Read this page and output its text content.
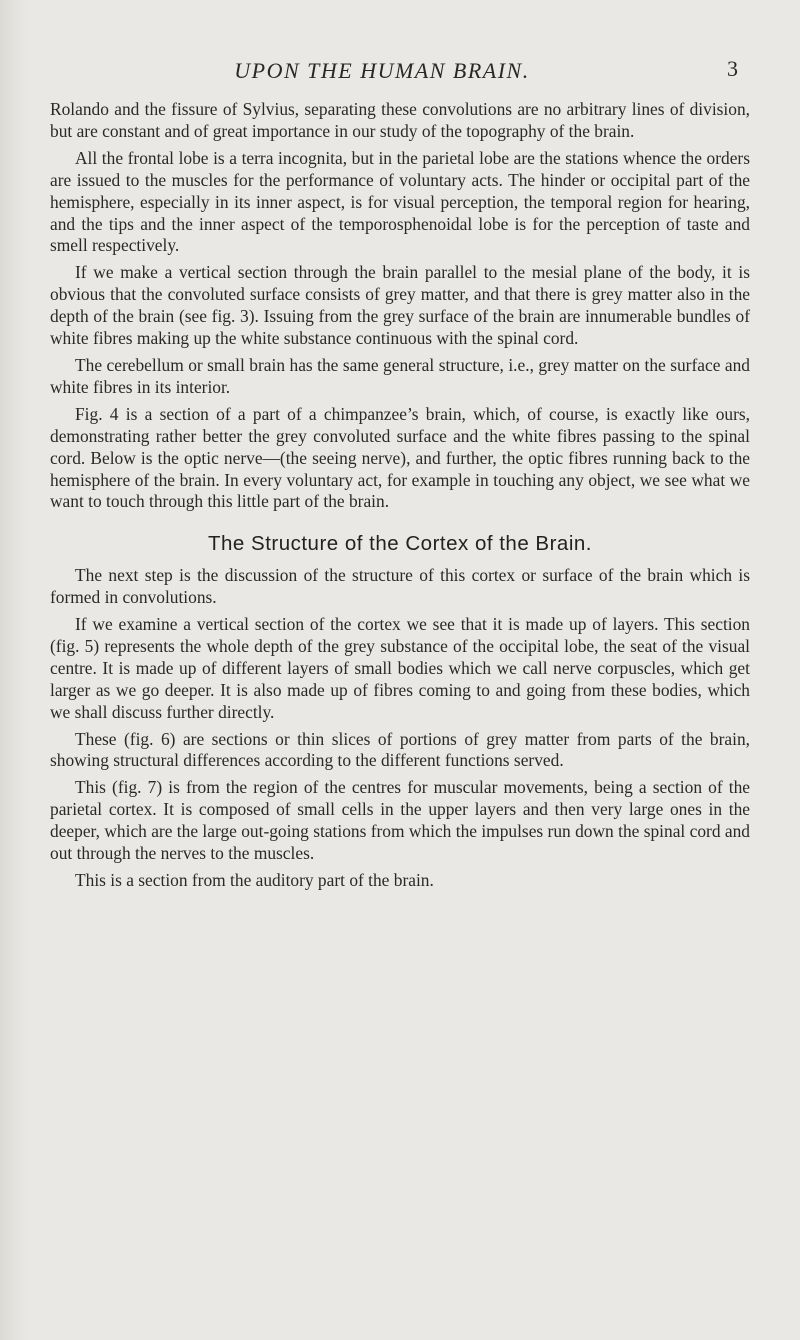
UPON THE HUMAN BRAIN.	3

Rolando and the fissure of Sylvius, separating these convolutions are no arbitrary lines of division, but are constant and of great importance in our study of the topography of the brain.

All the frontal lobe is a terra incognita, but in the parietal lobe are the stations whence the orders are issued to the muscles for the performance of voluntary acts. The hinder or occipital part of the hemisphere, especially in its inner aspect, is for visual perception, the temporal region for hearing, and the tips and the inner aspect of the temporosphenoidal lobe is for the perception of taste and smell respectively.

If we make a vertical section through the brain parallel to the mesial plane of the body, it is obvious that the convoluted surface consists of grey matter, and that there is grey matter also in the depth of the brain (see fig. 3). Issuing from the grey surface of the brain are innumerable bundles of white fibres making up the white substance continuous with the spinal cord.

The cerebellum or small brain has the same general structure, i.e., grey matter on the surface and white fibres in its interior.

Fig. 4 is a section of a part of a chimpanzee’s brain, which, of course, is exactly like ours, demonstrating rather better the grey convoluted surface and the white fibres passing to the spinal cord. Below is the optic nerve—(the seeing nerve), and further, the optic fibres running back to the hemisphere of the brain. In every voluntary act, for example in touching any object, we see what we want to touch through this little part of the brain.

The Structure of the Cortex of the Brain.

The next step is the discussion of the structure of this cortex or surface of the brain which is formed in convolutions.

If we examine a vertical section of the cortex we see that it is made up of layers. This section (fig. 5) represents the whole depth of the grey substance of the occipital lobe, the seat of the visual centre. It is made up of different layers of small bodies which we call nerve corpuscles, which get larger as we go deeper. It is also made up of fibres coming to and going from these bodies, which we shall discuss further directly.

These (fig. 6) are sections or thin slices of portions of grey matter from parts of the brain, showing structural differences according to the different functions served.

This (fig. 7) is from the region of the centres for muscular movements, being a section of the parietal cortex. It is composed of small cells in the upper layers and then very large ones in the deeper, which are the large out-going stations from which the impulses run down the spinal cord and out through the nerves to the muscles.

This is a section from the auditory part of the brain.
